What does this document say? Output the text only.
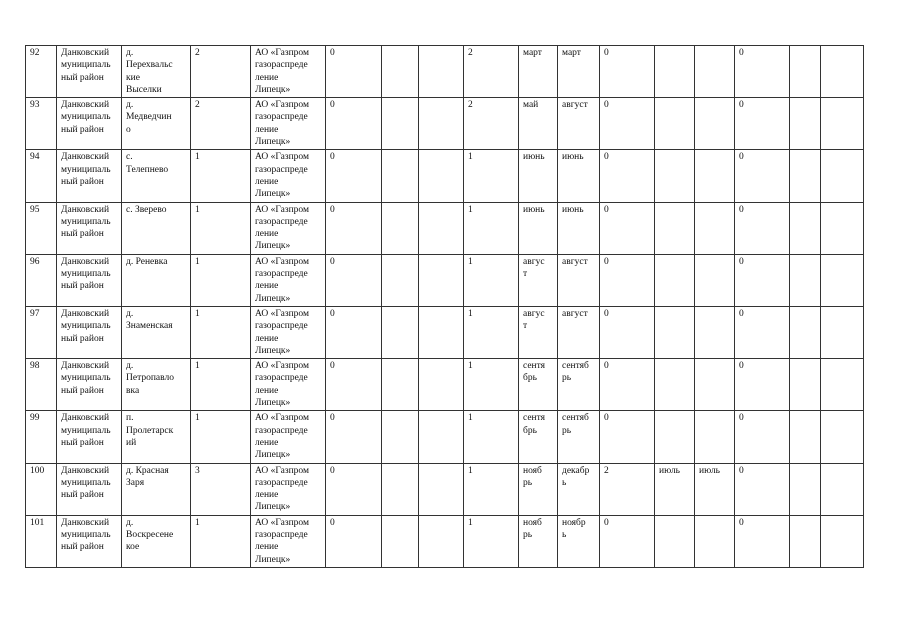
92	Данковский
муниципаль
ный район	д.
Перехвальс
кие
Выселки	2	АО «Газпром
газораспреде
ление
Липецк»	0			2	март	март	0			0		
93	Данковский
муниципаль
ный район	д.
Медведчин
о	2	АО «Газпром
газораспреде
ление
Липецк»	0			2	май	август	0			0		
94	Данковский
муниципаль
ный район	с.
Телепнево	1	АО «Газпром
газораспреде
ление
Липецк»	0			1	июнь	июнь	0			0		
95	Данковский
муниципаль
ный район	с. Зверево	1	АО «Газпром
газораспреде
ление
Липецк»	0			1	июнь	июнь	0			0		
96	Данковский
муниципаль
ный район	д. Реневка	1	АО «Газпром
газораспреде
ление
Липецк»	0			1	авгус
т	август	0			0		
97	Данковский
муниципаль
ный район	д.
Знаменская	1	АО «Газпром
газораспреде
ление
Липецк»	0			1	авгус
т	август	0			0		
98	Данковский
муниципаль
ный район	д.
Петропавло
вка	1	АО «Газпром
газораспреде
ление
Липецк»	0			1	сентя
брь	сентяб
рь	0			0		
99	Данковский
муниципаль
ный район	п.
Пролетарск
ий	1	АО «Газпром
газораспреде
ление
Липецк»	0			1	сентя
брь	сентяб
рь	0			0		
100	Данковский
муниципаль
ный район	д. Красная
Заря	3	АО «Газпром
газораспреде
ление
Липецк»	0			1	нояб
рь	декабр
ь	2	июль	июль	0		
101	Данковский
муниципаль
ный район	д.
Воскресене
кое	1	АО «Газпром
газораспреде
ление
Липецк»	0			1	нояб
рь	ноябр
ь	0			0		
